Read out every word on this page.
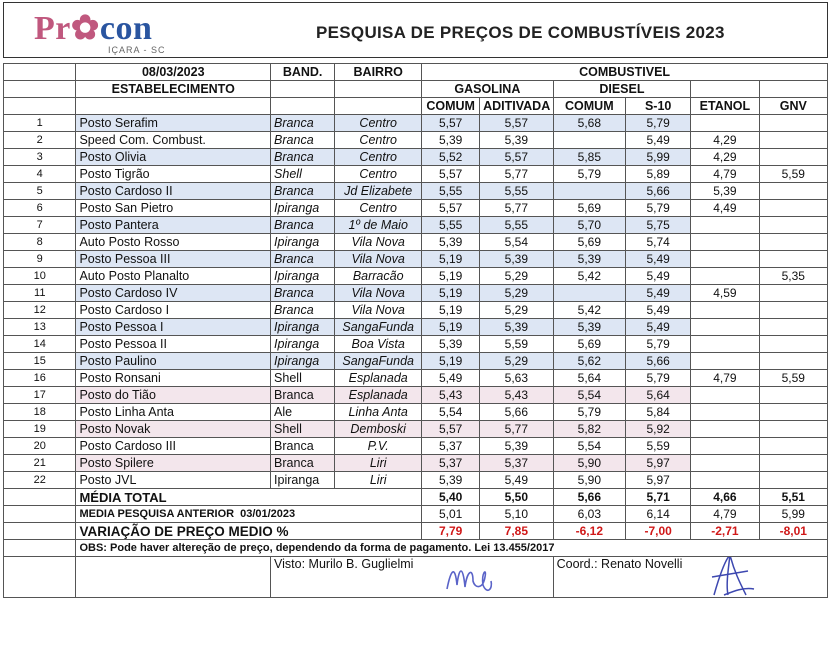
Pr✿con
IÇARA - SC
PESQUISA DE PREÇOS DE COMBUSTÍVEIS 2023
	08/03/2023	BAND.	BAIRRO	COMBUSTIVEL					
	ESTABELECIMENTO			GASOLINA		DIESEL			
				COMUM	ADITIVADA	COMUM	S-10	ETANOL	GNV
1	Posto Serafim	Branca	Centro	5,57	5,57	5,68	5,79		
2	Speed Com. Combust.	Branca	Centro	5,39	5,39		5,49	4,29	
3	Posto Olivia	Branca	Centro	5,52	5,57	5,85	5,99	4,29	
4	Posto Tigrão	Shell	Centro	5,57	5,77	5,79	5,89	4,79	5,59
5	Posto Cardoso II	Branca	Jd Elizabete	5,55	5,55		5,66	5,39	
6	Posto San Pietro	Ipiranga	Centro	5,57	5,77	5,69	5,79	4,49	
7	Posto Pantera	Branca	1º de Maio	5,55	5,55	5,70	5,75		
8	Auto Posto Rosso	Ipiranga	Vila Nova	5,39	5,54	5,69	5,74		
9	Posto Pessoa III	Branca	Vila Nova	5,19	5,39	5,39	5,49		
10	Auto Posto Planalto	Ipiranga	Barracão	5,19	5,29	5,42	5,49		5,35
11	Posto Cardoso IV	Branca	Vila Nova	5,19	5,29		5,49	4,59	
12	Posto Cardoso I	Branca	Vila Nova	5,19	5,29	5,42	5,49		
13	Posto Pessoa I	Ipiranga	SangaFunda	5,19	5,39	5,39	5,49		
14	Posto Pessoa II	Ipiranga	Boa Vista	5,39	5,59	5,69	5,79		
15	Posto Paulino	Ipiranga	SangaFunda	5,19	5,29	5,62	5,66		
16	Posto Ronsani	Shell	Esplanada	5,49	5,63	5,64	5,79	4,79	5,59
17	Posto do Tião	Branca	Esplanada	5,43	5,43	5,54	5,64		
18	Posto Linha Anta	Ale	Linha Anta	5,54	5,66	5,79	5,84		
19	Posto Novak	Shell	Demboski	5,57	5,77	5,82	5,92		
20	Posto Cardoso III	Branca	P.V.	5,37	5,39	5,54	5,59		
21	Posto Spilere	Branca	Liri	5,37	5,37	5,90	5,97		
22	Posto JVL	Ipiranga	Liri	5,39	5,49	5,90	5,97		
	MÉDIA TOTAL			5,40	5,50	5,66	5,71	4,66	5,51
	MEDIA PESQUISA ANTERIOR 03/01/2023			5,01	5,10	6,03	6,14	4,79	5,99
	VARIAÇÃO DE PREÇO MEDIO %			7,79	7,85	-6,12	-7,00	-2,71	-8,01
	OBS: Pode haver altereção de preço, dependendo da forma de pagamento. Lei 13.455/2017								
		Visto: Murilo B. Guglielmi				Coord.: Renato Novelli			
